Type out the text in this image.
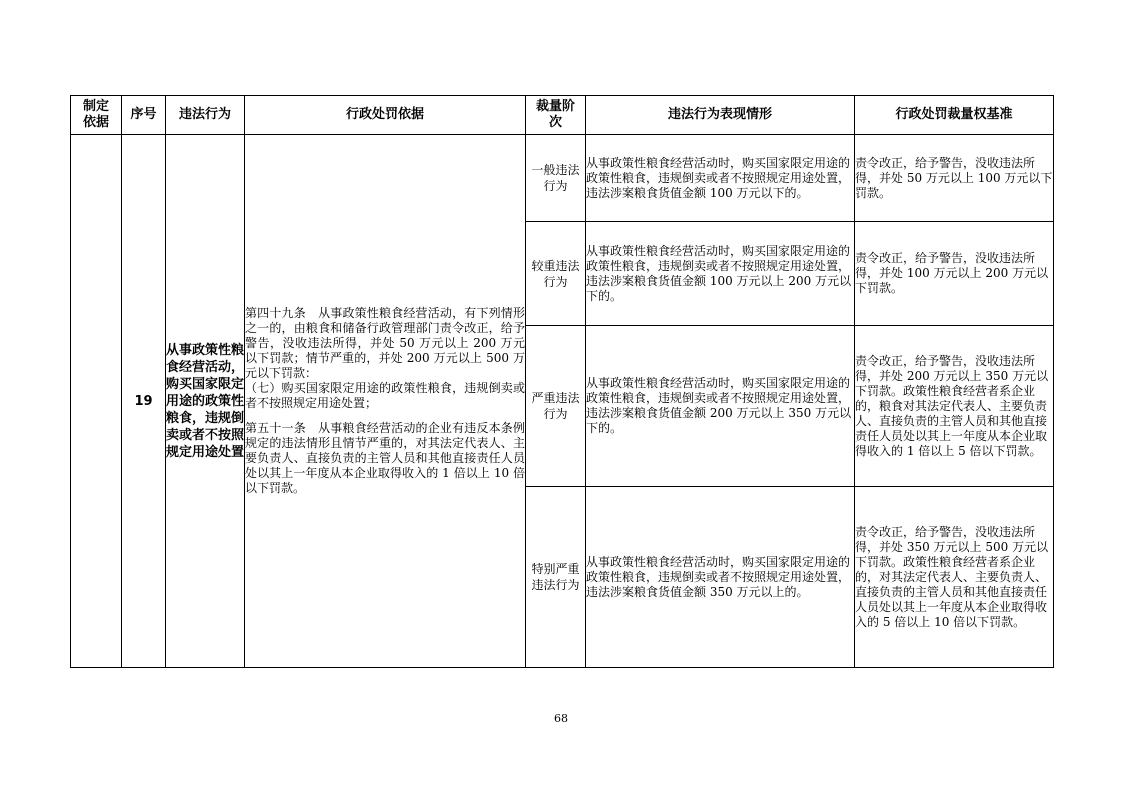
制定依据	序号	违法行为	行政处罚依据	裁量阶次	违法行为表现情形	行政处罚裁量权基准
	19	从事政策性粮食经营活动，购买国家限定用途的政策性粮食，违规倒卖或者不按照规定用途处置	第四十九条　从事政策性粮食经营活动，有下列情形之一的，由粮食和储备行政管理部门责令改正，给予警告，没收违法所得，并处 50 万元以上 200 万元以下罚款；情节严重的，并处 200 万元以上 500 万元以下罚款：

（七）购买国家限定用途的政策性粮食，违规倒卖或者不按照规定用途处置；

第五十一条　从事粮食经营活动的企业有违反本条例规定的违法情形且情节严重的，对其法定代表人、主要负责人、直接负责的主管人员和其他直接责任人员处以其上一年度从本企业取得收入的 1 倍以上 10 倍以下罚款。	一般违法行为	从事政策性粮食经营活动时，购买国家限定用途的政策性粮食，违规倒卖或者不按照规定用途处置，违法涉案粮食货值金额 100 万元以下的。	责令改正，给予警告，没收违法所得，并处 50 万元以上 100 万元以下罚款。
				较重违法行为	从事政策性粮食经营活动时，购买国家限定用途的政策性粮食，违规倒卖或者不按照规定用途处置，违法涉案粮食货值金额 100 万元以上 200 万元以下的。	责令改正，给予警告，没收违法所得，并处 100 万元以上 200 万元以下罚款。
				严重违法行为	从事政策性粮食经营活动时，购买国家限定用途的政策性粮食，违规倒卖或者不按照规定用途处置，违法涉案粮食货值金额 200 万元以上 350 万元以下的。	责令改正，给予警告，没收违法所得，并处 200 万元以上 350 万元以下罚款。政策性粮食经营者系企业的，粮食对其法定代表人、主要负责人、直接负责的主管人员和其他直接责任人员处以其上一年度从本企业取得收入的 1 倍以上 5 倍以下罚款。
				特别严重违法行为	从事政策性粮食经营活动时，购买国家限定用途的政策性粮食，违规倒卖或者不按照规定用途处置，违法涉案粮食货值金额 350 万元以上的。	责令改正，给予警告，没收违法所得，并处 350 万元以上 500 万元以下罚款。政策性粮食经营者系企业的，对其法定代表人、主要负责人、直接负责的主管人员和其他直接责任人员处以其上一年度从本企业取得收入的 5 倍以上 10 倍以下罚款。
68
